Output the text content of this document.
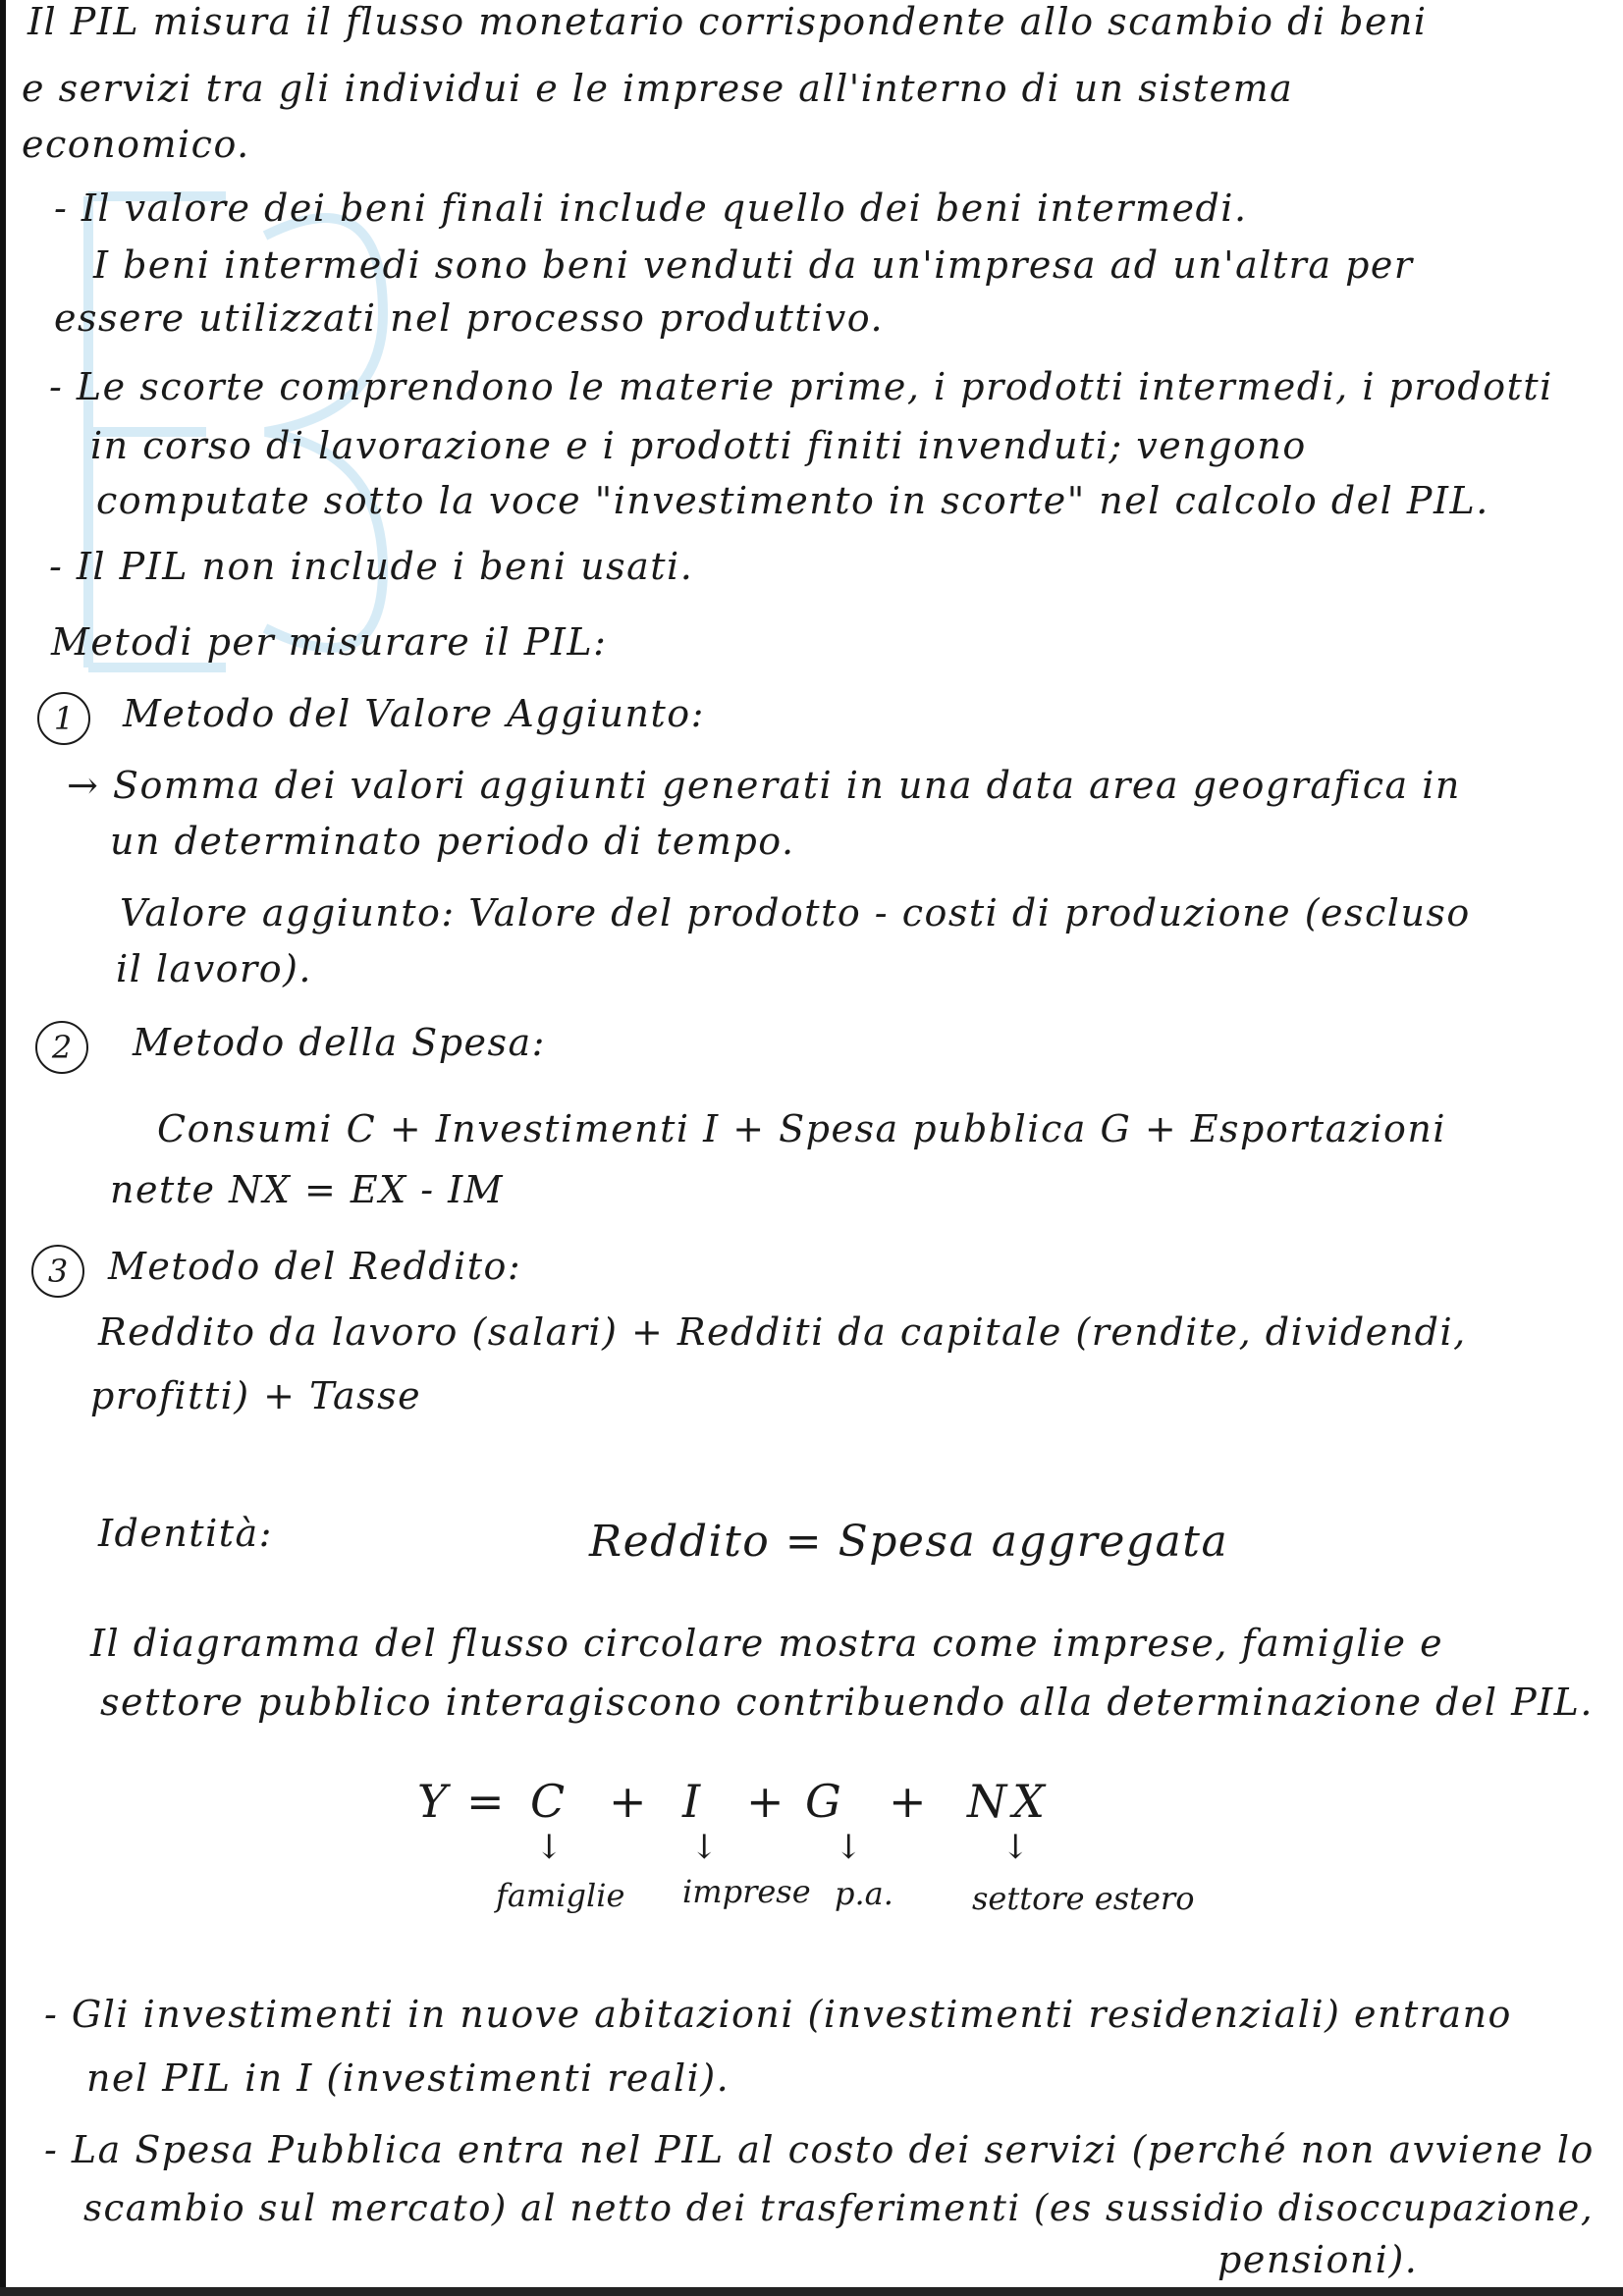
Il PIL misura il flusso monetario corrispondente allo scambio di beni
e servizi tra gli individui e le imprese all'interno di un sistema
economico.
- Il valore dei beni finali include quello dei beni intermedi.
I beni intermedi sono beni venduti da un'impresa ad un'altra per
essere utilizzati nel processo produttivo.
- Le scorte comprendono le materie prime, i prodotti intermedi, i prodotti
in corso di lavorazione e i prodotti finiti invenduti; vengono
computate sotto la voce "investimento in scorte" nel calcolo del PIL.
- Il PIL non include i beni usati.
Metodi per misurare il PIL:
1	Metodo del Valore Aggiunto:
→ Somma dei valori aggiunti generati in una data area geografica in
un determinato periodo di tempo.
Valore aggiunto: Valore del prodotto - costi di produzione (escluso
il lavoro).
2	Metodo della Spesa:
Consumi C + Investimenti I + Spesa pubblica G + Esportazioni
nette NX = EX - IM
3	Metodo del Reddito:
Reddito da lavoro (salari) + Redditi da capitale (rendite, dividendi,
profitti) + Tasse
Identità:	Reddito = Spesa aggregata
Il diagramma del flusso circolare mostra come imprese, famiglie e
settore pubblico interagiscono contribuendo alla determinazione del PIL.
Y = C + I + G + NX
↓	↓	↓	↓
famiglie imprese p.a.	settore estero
- Gli investimenti in nuove abitazioni (investimenti residenziali) entrano
nel PIL in I (investimenti reali).
- La Spesa Pubblica entra nel PIL al costo dei servizi (perché non avviene lo
scambio sul mercato) al netto dei trasferimenti (es sussidio disoccupazione,
pensioni).
